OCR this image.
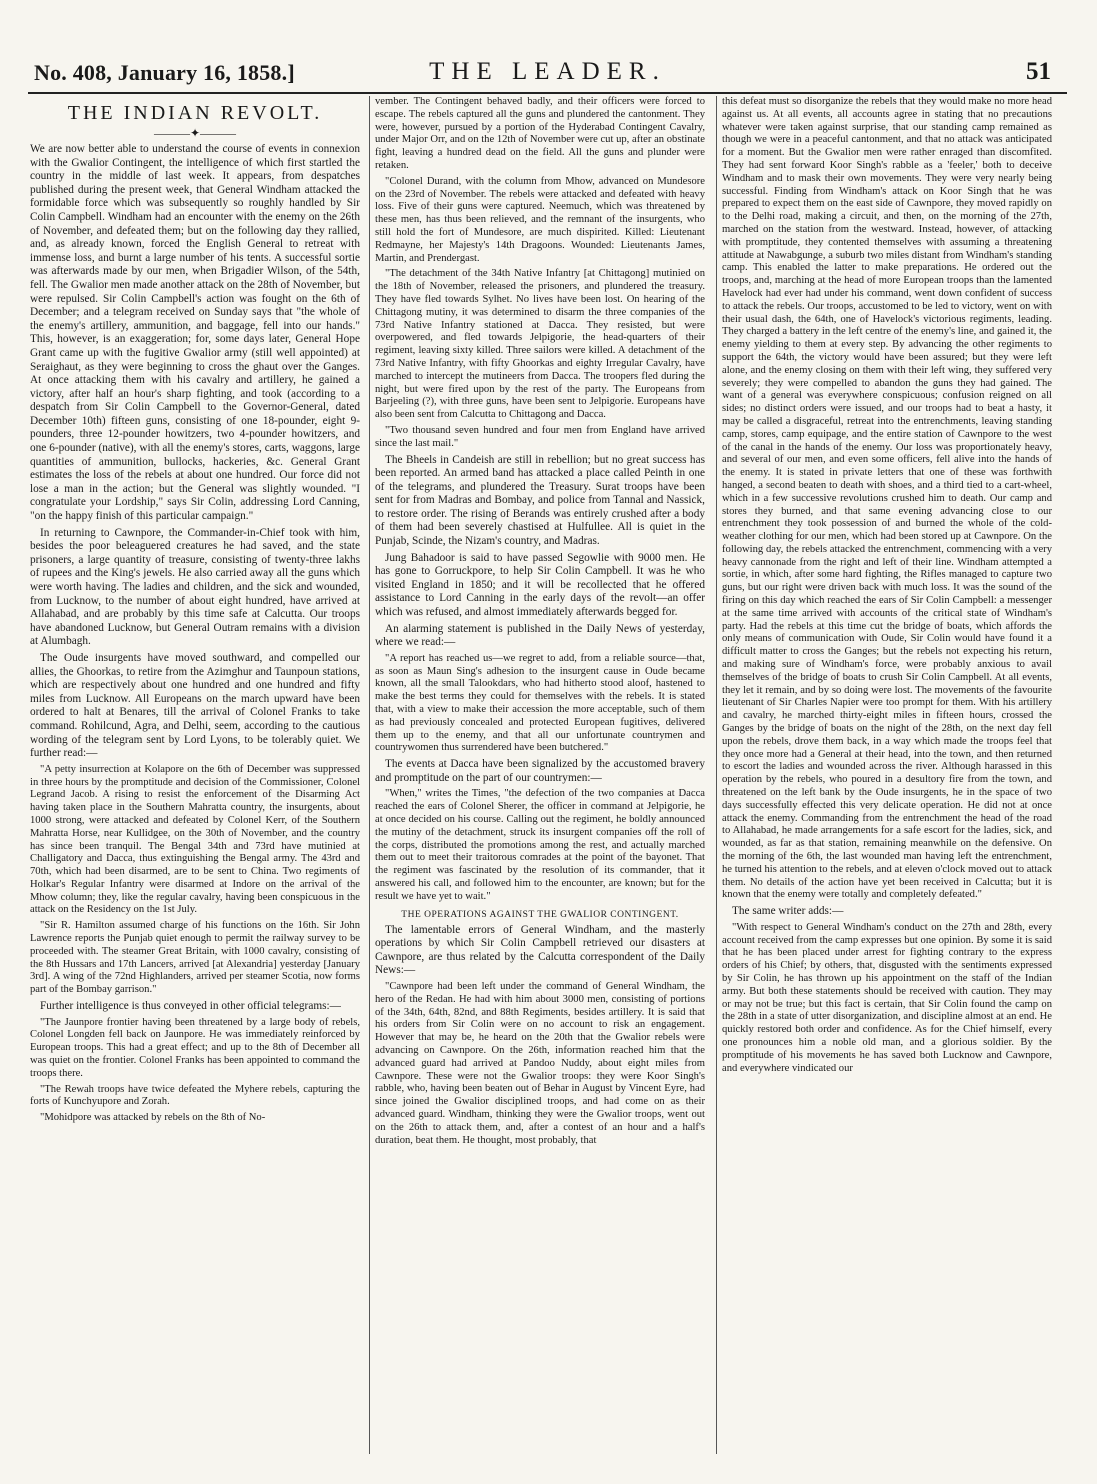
No. 408, January 16, 1858.]	THE LEADER.	51
THE INDIAN REVOLT.
———✦———

We are now better able to understand the course of events in connexion with the Gwalior Contingent, the intelligence of which first startled the country in the middle of last week. It appears, from despatches published during the present week, that General Windham attacked the formidable force which was subsequently so roughly handled by Sir Colin Campbell. Windham had an encounter with the enemy on the 26th of November, and defeated them; but on the following day they rallied, and, as already known, forced the English General to retreat with immense loss, and burnt a large number of his tents. A successful sortie was afterwards made by our men, when Brigadier Wilson, of the 54th, fell. The Gwalior men made another attack on the 28th of November, but were repulsed. Sir Colin Campbell's action was fought on the 6th of December; and a telegram received on Sunday says that "the whole of the enemy's artillery, ammunition, and baggage, fell into our hands." This, however, is an exaggeration; for, some days later, General Hope Grant came up with the fugitive Gwalior army (still well appointed) at Seraighaut, as they were beginning to cross the ghaut over the Ganges. At once attacking them with his cavalry and artillery, he gained a victory, after half an hour's sharp fighting, and took (according to a despatch from Sir Colin Campbell to the Governor-General, dated December 10th) fifteen guns, consisting of one 18-pounder, eight 9-pounders, three 12-pounder howitzers, two 4-pounder howitzers, and one 6-pounder (native), with all the enemy's stores, carts, waggons, large quantities of ammunition, bullocks, hackeries, &c. General Grant estimates the loss of the rebels at about one hundred. Our force did not lose a man in the action; but the General was slightly wounded. "I congratulate your Lordship," says Sir Colin, addressing Lord Canning, "on the happy finish of this particular campaign."

In returning to Cawnpore, the Commander-in-Chief took with him, besides the poor beleaguered creatures he had saved, and the state prisoners, a large quantity of treasure, consisting of twenty-three lakhs of rupees and the King's jewels. He also carried away all the guns which were worth having. The ladies and children, and the sick and wounded, from Lucknow, to the number of about eight hundred, have arrived at Allahabad, and are probably by this time safe at Calcutta. Our troops have abandoned Lucknow, but General Outram remains with a division at Alumbagh.

The Oude insurgents have moved southward, and compelled our allies, the Ghoorkas, to retire from the Azimghur and Taunpoun stations, which are respectively about one hundred and one hundred and fifty miles from Lucknow. All Europeans on the march upward have been ordered to halt at Benares, till the arrival of Colonel Franks to take command. Rohilcund, Agra, and Delhi, seem, according to the cautious wording of the telegram sent by Lord Lyons, to be tolerably quiet. We further read:—

"A petty insurrection at Kolapore on the 6th of December was suppressed in three hours by the promptitude and decision of the Commissioner, Colonel Legrand Jacob. A rising to resist the enforcement of the Disarming Act having taken place in the Southern Mahratta country, the insurgents, about 1000 strong, were attacked and defeated by Colonel Kerr, of the Southern Mahratta Horse, near Kullidgee, on the 30th of November, and the country has since been tranquil. The Bengal 34th and 73rd have mutinied at Challigatory and Dacca, thus extinguishing the Bengal army. The 43rd and 70th, which had been disarmed, are to be sent to China. Two regiments of Holkar's Regular Infantry were disarmed at Indore on the arrival of the Mhow column; they, like the regular cavalry, having been conspicuous in the attack on the Residency on the 1st July.

"Sir R. Hamilton assumed charge of his functions on the 16th. Sir John Lawrence reports the Punjab quiet enough to permit the railway survey to be proceeded with. The steamer Great Britain, with 1000 cavalry, consisting of the 8th Hussars and 17th Lancers, arrived [at Alexandria] yesterday [January 3rd]. A wing of the 72nd Highlanders, arrived per steamer Scotia, now forms part of the Bombay garrison."

Further intelligence is thus conveyed in other official telegrams:—

"The Jaunpore frontier having been threatened by a large body of rebels, Colonel Longden fell back on Jaunpore. He was immediately reinforced by European troops. This had a great effect; and up to the 8th of December all was quiet on the frontier. Colonel Franks has been appointed to command the troops there.

"The Rewah troops have twice defeated the Myhere rebels, capturing the forts of Kunchyupore and Zorah.

"Mohidpore was attacked by rebels on the 8th of No-

vember. The Contingent behaved badly, and their officers were forced to escape. The rebels captured all the guns and plundered the cantonment. They were, however, pursued by a portion of the Hyderabad Contingent Cavalry, under Major Orr, and on the 12th of November were cut up, after an obstinate fight, leaving a hundred dead on the field. All the guns and plunder were retaken.

"Colonel Durand, with the column from Mhow, advanced on Mundesore on the 23rd of November. The rebels were attacked and defeated with heavy loss. Five of their guns were captured. Neemuch, which was threatened by these men, has thus been relieved, and the remnant of the insurgents, who still hold the fort of Mundesore, are much dispirited. Killed: Lieutenant Redmayne, her Majesty's 14th Dragoons. Wounded: Lieutenants James, Martin, and Prendergast.

"The detachment of the 34th Native Infantry [at Chittagong] mutinied on the 18th of November, released the prisoners, and plundered the treasury. They have fled towards Sylhet. No lives have been lost. On hearing of the Chittagong mutiny, it was determined to disarm the three companies of the 73rd Native Infantry stationed at Dacca. They resisted, but were overpowered, and fled towards Jelpigorie, the head-quarters of their regiment, leaving sixty killed. Three sailors were killed. A detachment of the 73rd Native Infantry, with fifty Ghoorkas and eighty Irregular Cavalry, have marched to intercept the mutineers from Dacca. The troopers fled during the night, but were fired upon by the rest of the party. The Europeans from Barjeeling (?), with three guns, have been sent to Jelpigorie. Europeans have also been sent from Calcutta to Chittagong and Dacca.

"Two thousand seven hundred and four men from England have arrived since the last mail."

The Bheels in Candeish are still in rebellion; but no great success has been reported. An armed band has attacked a place called Peinth in one of the telegrams, and plundered the Treasury. Surat troops have been sent for from Madras and Bombay, and police from Tannal and Nassick, to restore order. The rising of Berands was entirely crushed after a body of them had been severely chastised at Hulfullee. All is quiet in the Punjab, Scinde, the Nizam's country, and Madras.

Jung Bahadoor is said to have passed Segowlie with 9000 men. He has gone to Gorruckpore, to help Sir Colin Campbell. It was he who visited England in 1850; and it will be recollected that he offered assistance to Lord Canning in the early days of the revolt—an offer which was refused, and almost immediately afterwards begged for.

An alarming statement is published in the Daily News of yesterday, where we read:—

"A report has reached us—we regret to add, from a reliable source—that, as soon as Maun Sing's adhesion to the insurgent cause in Oude became known, all the small Talookdars, who had hitherto stood aloof, hastened to make the best terms they could for themselves with the rebels. It is stated that, with a view to make their accession the more acceptable, such of them as had previously concealed and protected European fugitives, delivered them up to the enemy, and that all our unfortunate countrymen and countrywomen thus surrendered have been butchered."

The events at Dacca have been signalized by the accustomed bravery and promptitude on the part of our countrymen:—

"When," writes the Times, "the defection of the two companies at Dacca reached the ears of Colonel Sherer, the officer in command at Jelpigorie, he at once decided on his course. Calling out the regiment, he boldly announced the mutiny of the detachment, struck its insurgent companies off the roll of the corps, distributed the promotions among the rest, and actually marched them out to meet their traitorous comrades at the point of the bayonet. That the regiment was fascinated by the resolution of its commander, that it answered his call, and followed him to the encounter, are known; but for the result we have yet to wait."

THE OPERATIONS AGAINST THE GWALIOR CONTINGENT.

The lamentable errors of General Windham, and the masterly operations by which Sir Colin Campbell retrieved our disasters at Cawnpore, are thus related by the Calcutta correspondent of the Daily News:—

"Cawnpore had been left under the command of General Windham, the hero of the Redan. He had with him about 3000 men, consisting of portions of the 34th, 64th, 82nd, and 88th Regiments, besides artillery. It is said that his orders from Sir Colin were on no account to risk an engagement. However that may be, he heard on the 20th that the Gwalior rebels were advancing on Cawnpore. On the 26th, information reached him that the advanced guard had arrived at Pandoo Nuddy, about eight miles from Cawnpore. These were not the Gwalior troops: they were Koor Singh's rabble, who, having been beaten out of Behar in August by Vincent Eyre, had since joined the Gwalior disciplined troops, and had come on as their advanced guard. Windham, thinking they were the Gwalior troops, went out on the 26th to attack them, and, after a contest of an hour and a half's duration, beat them. He thought, most probably, that

this defeat must so disorganize the rebels that they would make no more head against us. At all events, all accounts agree in stating that no precautions whatever were taken against surprise, that our standing camp remained as though we were in a peaceful cantonment, and that no attack was anticipated for a moment. But the Gwalior men were rather enraged than discomfited. They had sent forward Koor Singh's rabble as a 'feeler,' both to deceive Windham and to mask their own movements. They were very nearly being successful. Finding from Windham's attack on Koor Singh that he was prepared to expect them on the east side of Cawnpore, they moved rapidly on to the Delhi road, making a circuit, and then, on the morning of the 27th, marched on the station from the westward. Instead, however, of attacking with promptitude, they contented themselves with assuming a threatening attitude at Nawabgunge, a suburb two miles distant from Windham's standing camp. This enabled the latter to make preparations. He ordered out the troops, and, marching at the head of more European troops than the lamented Havelock had ever had under his command, went down confident of success to attack the rebels. Our troops, accustomed to be led to victory, went on with their usual dash, the 64th, one of Havelock's victorious regiments, leading. They charged a battery in the left centre of the enemy's line, and gained it, the enemy yielding to them at every step. By advancing the other regiments to support the 64th, the victory would have been assured; but they were left alone, and the enemy closing on them with their left wing, they suffered very severely; they were compelled to abandon the guns they had gained. The want of a general was everywhere conspicuous; confusion reigned on all sides; no distinct orders were issued, and our troops had to beat a hasty, it may be called a disgraceful, retreat into the entrenchments, leaving standing camp, stores, camp equipage, and the entire station of Cawnpore to the west of the canal in the hands of the enemy. Our loss was proportionately heavy, and several of our men, and even some officers, fell alive into the hands of the enemy. It is stated in private letters that one of these was forthwith hanged, a second beaten to death with shoes, and a third tied to a cart-wheel, which in a few successive revolutions crushed him to death. Our camp and stores they burned, and that same evening advancing close to our entrenchment they took possession of and burned the whole of the cold-weather clothing for our men, which had been stored up at Cawnpore. On the following day, the rebels attacked the entrenchment, commencing with a very heavy cannonade from the right and left of their line. Windham attempted a sortie, in which, after some hard fighting, the Rifles managed to capture two guns, but our right were driven back with much loss. It was the sound of the firing on this day which reached the ears of Sir Colin Campbell: a messenger at the same time arrived with accounts of the critical state of Windham's party. Had the rebels at this time cut the bridge of boats, which affords the only means of communication with Oude, Sir Colin would have found it a difficult matter to cross the Ganges; but the rebels not expecting his return, and making sure of Windham's force, were probably anxious to avail themselves of the bridge of boats to crush Sir Colin Campbell. At all events, they let it remain, and by so doing were lost. The movements of the favourite lieutenant of Sir Charles Napier were too prompt for them. With his artillery and cavalry, he marched thirty-eight miles in fifteen hours, crossed the Ganges by the bridge of boats on the night of the 28th, on the next day fell upon the rebels, drove them back, in a way which made the troops feel that they once more had a General at their head, into the town, and then returned to escort the ladies and wounded across the river. Although harassed in this operation by the rebels, who poured in a desultory fire from the town, and threatened on the left bank by the Oude insurgents, he in the space of two days successfully effected this very delicate operation. He did not at once attack the enemy. Commanding from the entrenchment the head of the road to Allahabad, he made arrangements for a safe escort for the ladies, sick, and wounded, as far as that station, remaining meanwhile on the defensive. On the morning of the 6th, the last wounded man having left the entrenchment, he turned his attention to the rebels, and at eleven o'clock moved out to attack them. No details of the action have yet been received in Calcutta; but it is known that the enemy were totally and completely defeated."

The same writer adds:—

"With respect to General Windham's conduct on the 27th and 28th, every account received from the camp expresses but one opinion. By some it is said that he has been placed under arrest for fighting contrary to the express orders of his Chief; by others, that, disgusted with the sentiments expressed by Sir Colin, he has thrown up his appointment on the staff of the Indian army. But both these statements should be received with caution. They may or may not be true; but this fact is certain, that Sir Colin found the camp on the 28th in a state of utter disorganization, and discipline almost at an end. He quickly restored both order and confidence. As for the Chief himself, every one pronounces him a noble old man, and a glorious soldier. By the promptitude of his movements he has saved both Lucknow and Cawnpore, and everywhere vindicated our
